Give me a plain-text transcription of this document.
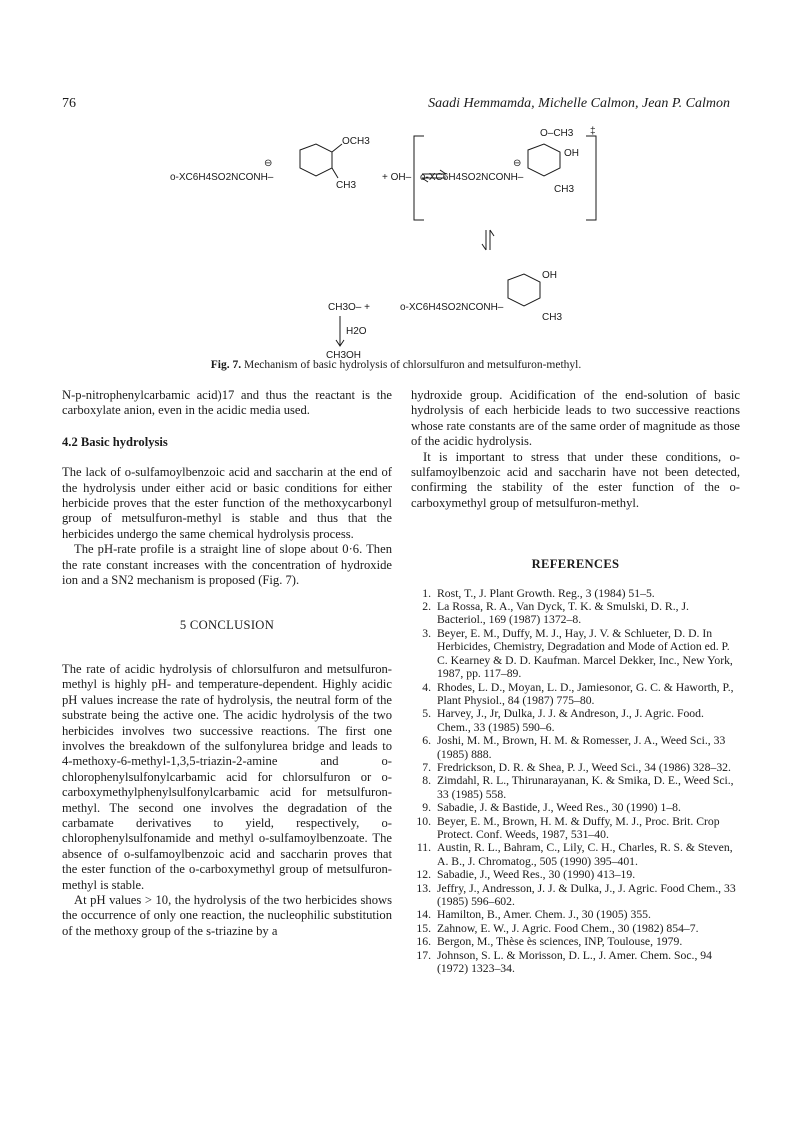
76	Saadi Hemmamda, Michelle Calmon, Jean P. Calmon
o-XC6H4SO2NCONH–
⊖
OCH3
CH3
+ OH– o-XC6H4SO2NCONH–
⊖
O–CH3
OH
‡
CH3
CH3O– +	o-XC6H4SO2NCONH–
OH
CH3
H2O
CH3OH
Fig. 7. Mechanism of basic hydrolysis of chlorsulfuron and metsulfuron-methyl.

N-p-nitrophenylcarbamic acid)17 and thus the reactant is the carboxylate anion, even in the acidic media used.

4.2 Basic hydrolysis

The lack of o-sulfamoylbenzoic acid and saccharin at the end of the hydrolysis under either acid or basic conditions for either herbicide proves that the ester function of the methoxycarbonyl group of metsulfuron-methyl is stable and thus that the herbicides undergo the same chemical hydrolysis process.

The pH-rate profile is a straight line of slope about 0·6. Then the rate constant increases with the concentration of hydroxide ion and a SN2 mechanism is proposed (Fig. 7).

5 CONCLUSION

The rate of acidic hydrolysis of chlorsulfuron and metsulfuron-methyl is highly pH- and temperature-dependent. Highly acidic pH values increase the rate of hydrolysis, the neutral form of the substrate being the active one. The acidic hydrolysis of the two herbicides involves two successive reactions. The first one involves the breakdown of the sulfonylurea bridge and leads to 4-methoxy-6-methyl-1,3,5-triazin-2-amine and o-chlorophenylsulfonylcarbamic acid for chlorsulfuron or o-carboxymethylphenylsulfonylcarbamic acid for metsulfuron-methyl. The second one involves the degradation of the carbamate derivatives to yield, respectively, o-chlorophenylsulfonamide and methyl o-sulfamoylbenzoate. The absence of o-sulfamoylbenzoic acid and saccharin proves that the ester function of the o-carboxymethyl group of metsulfuron-methyl is stable.

At pH values > 10, the hydrolysis of the two herbicides shows the occurrence of only one reaction, the nucleophilic substitution of the methoxy group of the s-triazine by a

hydroxide group. Acidification of the end-solution of basic hydrolysis of each herbicide leads to two successive reactions whose rate constants are of the same order of magnitude as those of the acidic hydrolysis.

It is important to stress that under these conditions, o-sulfamoylbenzoic acid and saccharin have not been detected, confirming the stability of the ester function of the o-carboxymethyl group of metsulfuron-methyl.

REFERENCES

1. Rost, T., J. Plant Growth. Reg., 3 (1984) 51–5.
2. La Rossa, R. A., Van Dyck, T. K. & Smulski, D. R., J. Bacteriol., 169 (1987) 1372–8.
3. Beyer, E. M., Duffy, M. J., Hay, J. V. & Schlueter, D. D. In Herbicides, Chemistry, Degradation and Mode of Action ed. P. C. Kearney & D. D. Kaufman. Marcel Dekker, Inc., New York, 1987, pp. 117–89.
4. Rhodes, L. D., Moyan, L. D., Jamiesonor, G. C. & Haworth, P., Plant Physiol., 84 (1987) 775–80.
5. Harvey, J., Jr, Dulka, J. J. & Andreson, J., J. Agric. Food. Chem., 33 (1985) 590–6.
6. Joshi, M. M., Brown, H. M. & Romesser, J. A., Weed Sci., 33 (1985) 888.
7. Fredrickson, D. R. & Shea, P. J., Weed Sci., 34 (1986) 328–32.
8. Zimdahl, R. L., Thirunarayanan, K. & Smika, D. E., Weed Sci., 33 (1985) 558.
9. Sabadie, J. & Bastide, J., Weed Res., 30 (1990) 1–8.
10. Beyer, E. M., Brown, H. M. & Duffy, M. J., Proc. Brit. Crop Protect. Conf. Weeds, 1987, 531–40.
11. Austin, R. L., Bahram, C., Lily, C. H., Charles, R. S. & Steven, A. B., J. Chromatog., 505 (1990) 395–401.
12. Sabadie, J., Weed Res., 30 (1990) 413–19.
13. Jeffry, J., Andresson, J. J. & Dulka, J., J. Agric. Food Chem., 33 (1985) 596–602.
14. Hamilton, B., Amer. Chem. J., 30 (1905) 355.
15. Zahnow, E. W., J. Agric. Food Chem., 30 (1982) 854–7.
16. Bergon, M., Thèse ès sciences, INP, Toulouse, 1979.
17. Johnson, S. L. & Morisson, D. L., J. Amer. Chem. Soc., 94 (1972) 1323–34.
